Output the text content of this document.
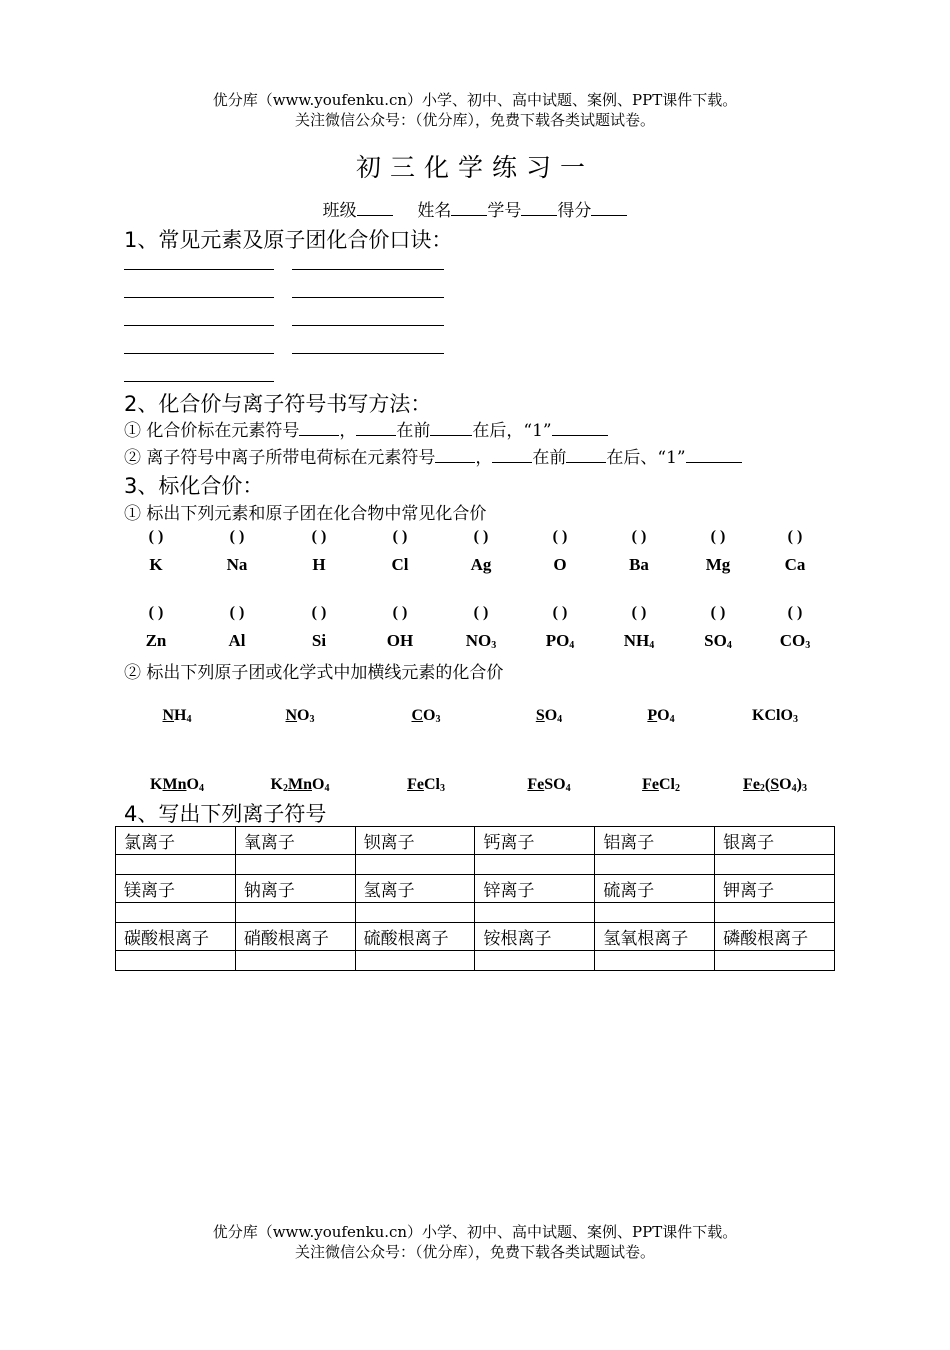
优分库（www.youfenku.cn）小学、初中、高中试题、案例、PPT课件下载。
关注微信公众号：（优分库），免费下载各类试题试卷。
初三化学练习一
班级	姓名 学号 得分
1、常见元素及原子团化合价口诀：
2、化合价与离子符号书写方法：
① 化合价标在元素符号 ， 在前 在后，“1”
② 离子符号中离子所带电荷标在元素符号 ， 在前 在后、“1”
3、标化合价：
① 标出下列元素和原子团在化合物中常见化合价
( )	( )	( )	( )	( )	( )	( )	( )	( )
K	Na	H	Cl	Ag	O	Ba	Mg	Ca
( )	( )	( )	( )	( )	( )	( )	( )	( )
Zn	Al	Si	OH	$NO_3$	$PO_4$	$NH_4$	$SO_4$	$CO_3$
② 标出下列原子团或化学式中加横线元素的化合价
$NH_4$	$NO_3$	$CO_3$	$SO_4$	$PO_4$	KClO$_3$
KMnO$_4$	$K_2MnO_4$	FeCl$_3$	FeSO$_4$	FeCl$_2$	$Fe_2(SO_4)_3$
4、写出下列离子符号
氯离子	氧离子	钡离子	钙离子	铝离子	银离子

镁离子	钠离子	氢离子	锌离子	硫离子	钾离子

碳酸根离子	硝酸根离子	硫酸根离子	铵根离子	氢氧根离子	磷酸根离子

优分库（www.youfenku.cn）小学、初中、高中试题、案例、PPT课件下载。
关注微信公众号：（优分库），免费下载各类试题试卷。
